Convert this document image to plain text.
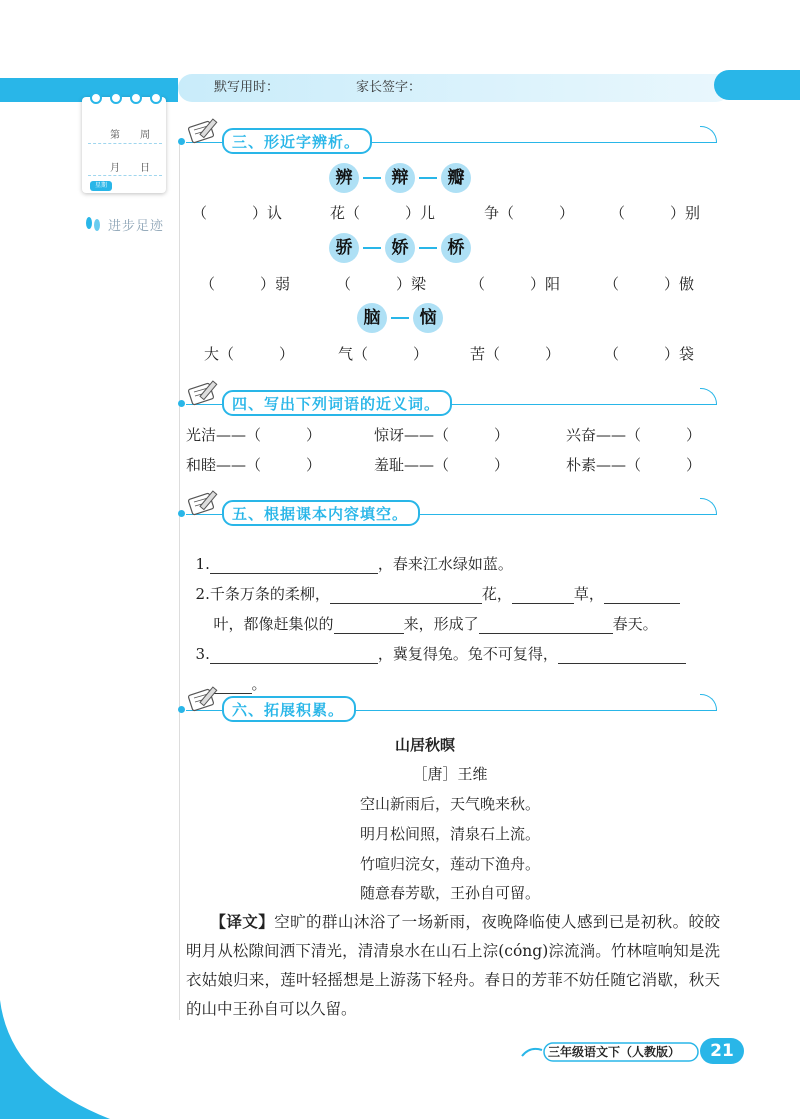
默写用时：	家长签字：
第　　周
月　　日
星期
进步足迹
三、形近字辨析。
辨 辩 瓣
（　　　）认	花（　　　）儿	争（　　　） （　　　）别
骄 娇 桥
（　　　）弱	（　　　）梁	（　　　）阳	（　　　）傲
脑 恼
大（　　　）	气（　　　）	苦（　　　）	（　　　）袋
四、写出下列词语的近义词。
光洁——（　　　）	惊讶——（　　　）	兴奋——（　　　）
和睦——（　　　）	羞耻——（　　　）	朴素——（　　　）
五、根据课本内容填空。

1.	，春来江水绿如蓝。

2.千条万条的柔柳，	花，	草，

叶，都像赶集似的	来，形成了	春天。

3.	，冀复得兔。兔不可复得，

。

六、拓展积累。
山居秋暝
［唐］王维
空山新雨后，天气晚来秋。
明月松间照，清泉石上流。
竹喧归浣女，莲动下渔舟。
随意春芳歇，王孙自可留。
【译文】空旷的群山沐浴了一场新雨，夜晚降临使人感到已是初秋。皎皎明月从松隙间洒下清光，清清泉水在山石上淙(cóng)淙流淌。竹林喧响知是洗衣姑娘归来，莲叶轻摇想是上游荡下轻舟。春日的芳菲不妨任随它消歇，秋天的山中王孙自可以久留。
三年级语文下（人教版）	21
